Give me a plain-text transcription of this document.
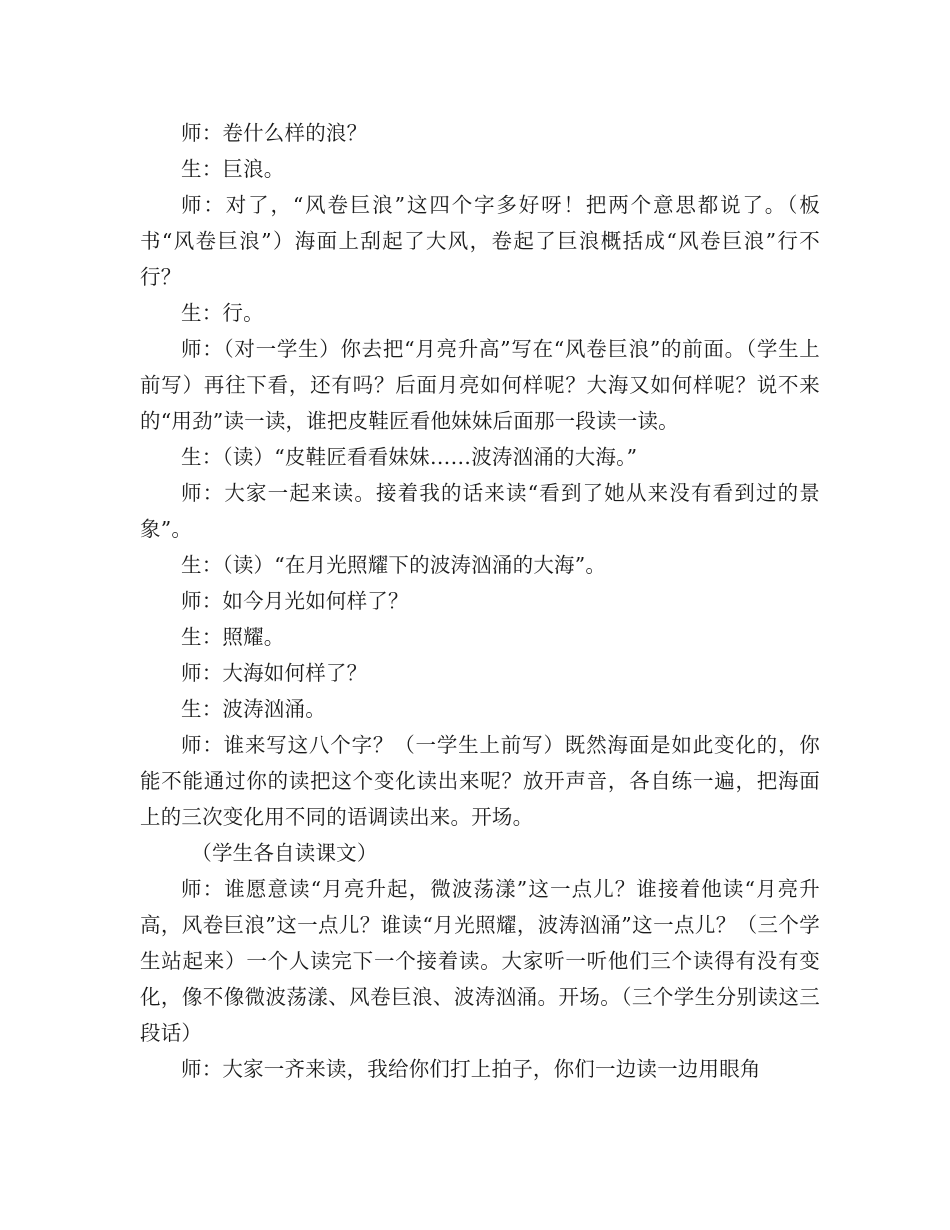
师：卷什么样的浪？

生：巨浪。

师：对了，“风卷巨浪”这四个字多好呀！把两个意思都说了。（板书“风卷巨浪”）海面上刮起了大风，卷起了巨浪概括成“风卷巨浪”行不行？

生：行。

师：（对一学生）你去把“月亮升高”写在“风卷巨浪”的前面。（学生上前写）再往下看，还有吗？后面月亮如何样呢？大海又如何样呢？说不来的“用劲”读一读，谁把皮鞋匠看他妹妹后面那一段读一读。

生：（读）“皮鞋匠看看妹妹……波涛汹涌的大海。”

师：大家一起来读。接着我的话来读“看到了她从来没有看到过的景象”。

生：（读）“在月光照耀下的波涛汹涌的大海”。

师：如今月光如何样了？

生：照耀。

师：大海如何样了？

生：波涛汹涌。

师：谁来写这八个字？（一学生上前写）既然海面是如此变化的，你能不能通过你的读把这个变化读出来呢？放开声音，各自练一遍，把海面上的三次变化用不同的语调读出来。开场。

（学生各自读课文）

师：谁愿意读“月亮升起，微波荡漾”这一点儿？谁接着他读“月亮升高，风卷巨浪”这一点儿？谁读“月光照耀，波涛汹涌”这一点儿？（三个学生站起来）一个人读完下一个接着读。大家听一听他们三个读得有没有变化，像不像微波荡漾、风卷巨浪、波涛汹涌。开场。（三个学生分别读这三段话）

师：大家一齐来读，我给你们打上拍子，你们一边读一边用眼角
